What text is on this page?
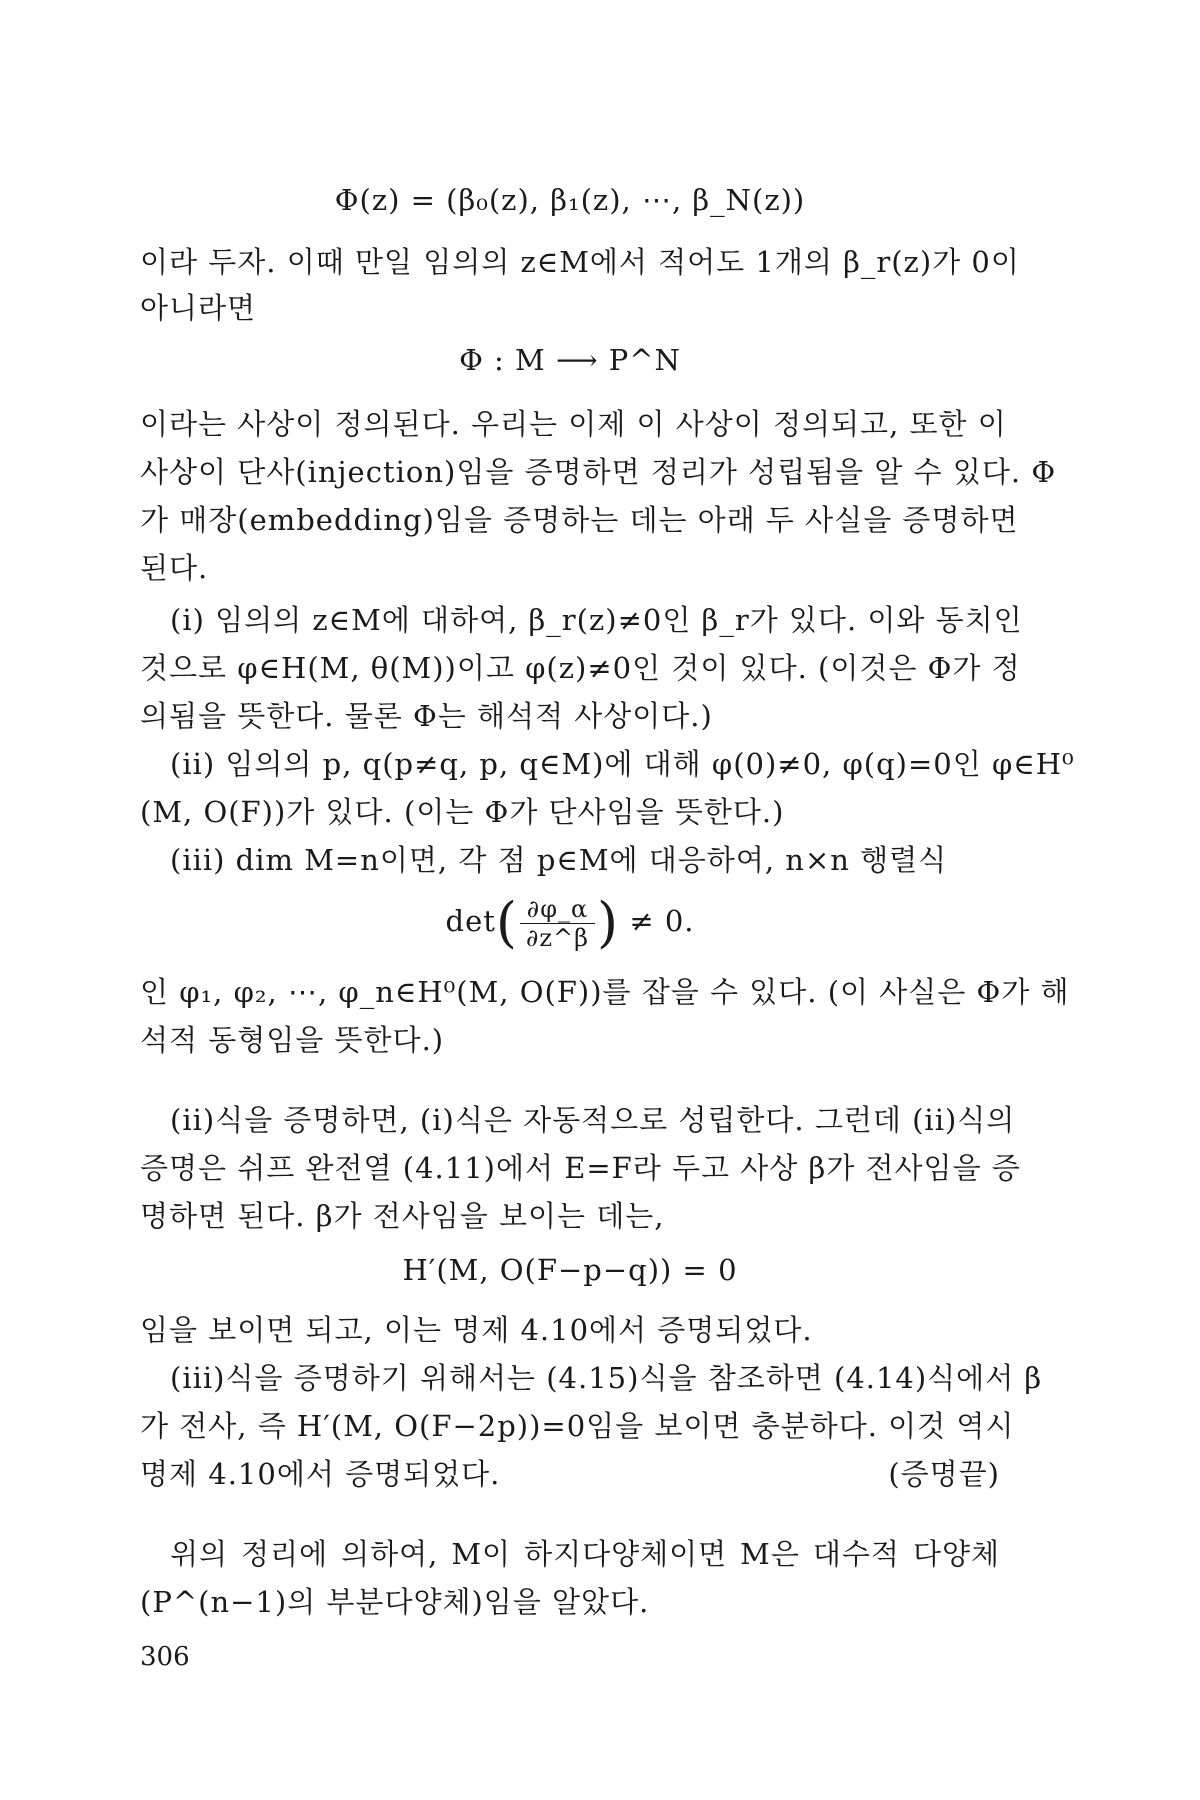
Φ(z) = (β₀(z), β₁(z), ⋯, β_N(z))
이라 두자. 이때 만일 임의의 z∈M에서 적어도 1개의 β_r(z)가 0이
아니라면
Φ : M ⟶ P^N
이라는 사상이 정의된다. 우리는 이제 이 사상이 정의되고, 또한 이
사상이 단사(injection)임을 증명하면 정리가 성립됨을 알 수 있다. Φ
가 매장(embedding)임을 증명하는 데는 아래 두 사실을 증명하면
된다.
(i) 임의의 z∈M에 대하여, β_r(z)≠0인 β_r가 있다. 이와 동치인
것으로 φ∈H(M, θ(M))이고 φ(z)≠0인 것이 있다. (이것은 Φ가 정
의됨을 뜻한다. 물론 Φ는 해석적 사상이다.)
(ii) 임의의 p, q(p≠q, p, q∈M)에 대해 φ(0)≠0, φ(q)=0인 φ∈H⁰
(M, O(F))가 있다. (이는 Φ가 단사임을 뜻한다.)
(iii) dim M=n이면, 각 점 p∈M에 대응하여, n×n 행렬식
$\det( \frac{\partial\varphi\_\alpha}{\partial z\^{}\beta}$ ) ≠ 0.
인 φ₁, φ₂, ⋯, φ_n∈H⁰(M, O(F))를 잡을 수 있다. (이 사실은 Φ가 해
석적 동형임을 뜻한다.)
(ii)식을 증명하면, (i)식은 자동적으로 성립한다. 그런데 (ii)식의
증명은 쉬프 완전열 (4.11)에서 E=F라 두고 사상 β가 전사임을 증
명하면 된다. β가 전사임을 보이는 데는,
H′(M, O(F−p−q)) = 0
임을 보이면 되고, 이는 명제 4.10에서 증명되었다.
(iii)식을 증명하기 위해서는 (4.15)식을 참조하면 (4.14)식에서 β
가 전사, 즉 H′(M, O(F−2p))=0임을 보이면 충분하다. 이것 역시
명제 4.10에서 증명되었다.	(증명끝)
위의 정리에 의하여, M이 하지다양체이면 M은 대수적 다양체
(P^(n−1)의 부분다양체)임을 알았다.
306
